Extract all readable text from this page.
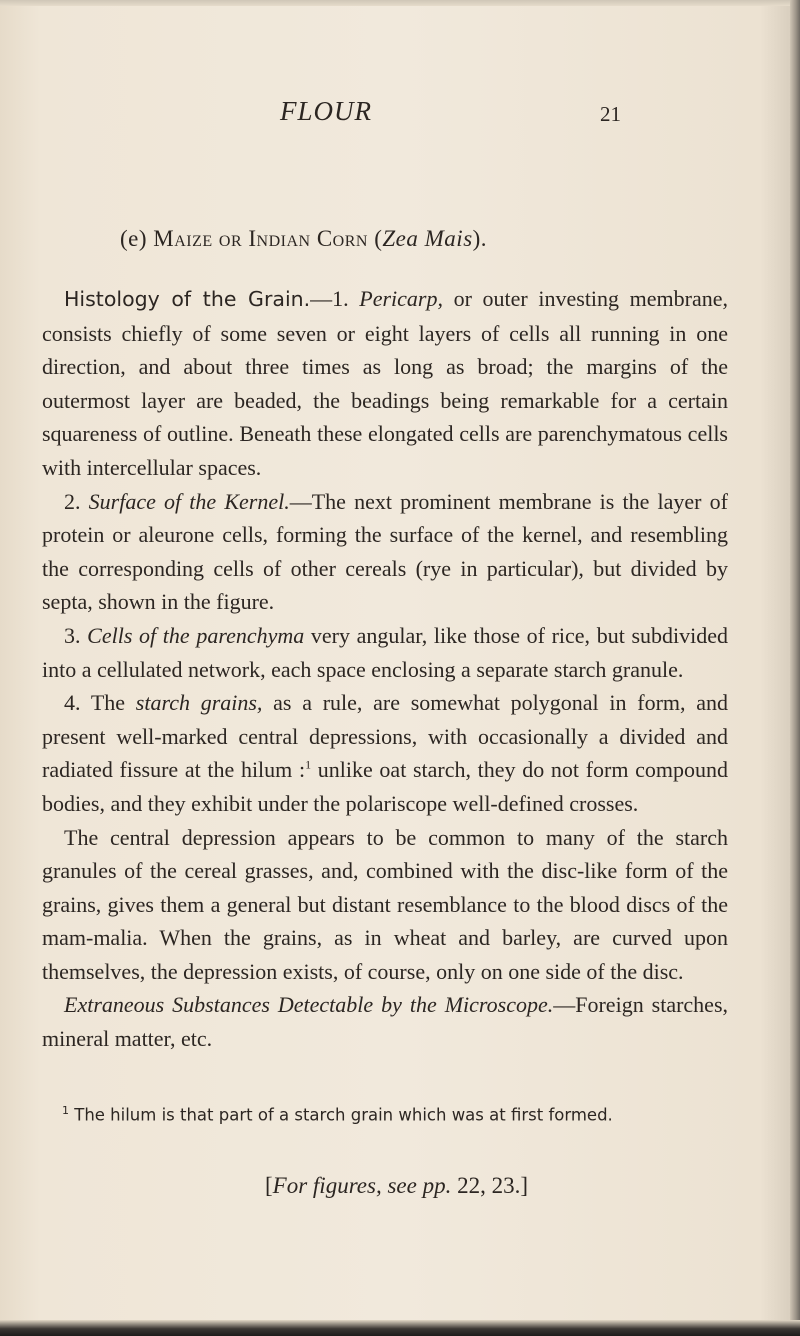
FLOUR	21
(e) Maize or Indian Corn (Zea Mais).

Histology of the Grain.—1. Pericarp, or outer investing membrane, consists chiefly of some seven or eight layers of cells all running in one direction, and about three times as long as broad; the margins of the outermost layer are beaded, the beadings being remarkable for a certain squareness of outline. Beneath these elongated cells are parenchymatous cells with intercellular spaces.

2. Surface of the Kernel.—The next prominent membrane is the layer of protein or aleurone cells, forming the surface of the kernel, and resembling the corresponding cells of other cereals (rye in particular), but divided by septa, shown in the figure.

3. Cells of the parenchyma very angular, like those of rice, but subdivided into a cellulated network, each space enclosing a separate starch granule.

4. The starch grains, as a rule, are somewhat polygonal in form, and present well-marked central depressions, with occasionally a divided and radiated fissure at the hilum :$^1$ unlike oat starch, they do not form compound bodies, and they exhibit under the polariscope well-defined crosses.

The central depression appears to be common to many of the starch granules of the cereal grasses, and, combined with the disc-like form of the grains, gives them a general but distant resemblance to the blood discs of the mam-malia. When the grains, as in wheat and barley, are curved upon themselves, the depression exists, of course, only on one side of the disc.

Extraneous Substances Detectable by the Microscope.—Foreign starches, mineral matter, etc.

$^1$ The hilum is that part of a starch grain which was at first formed.
[For figures, see pp. 22, 23.]
